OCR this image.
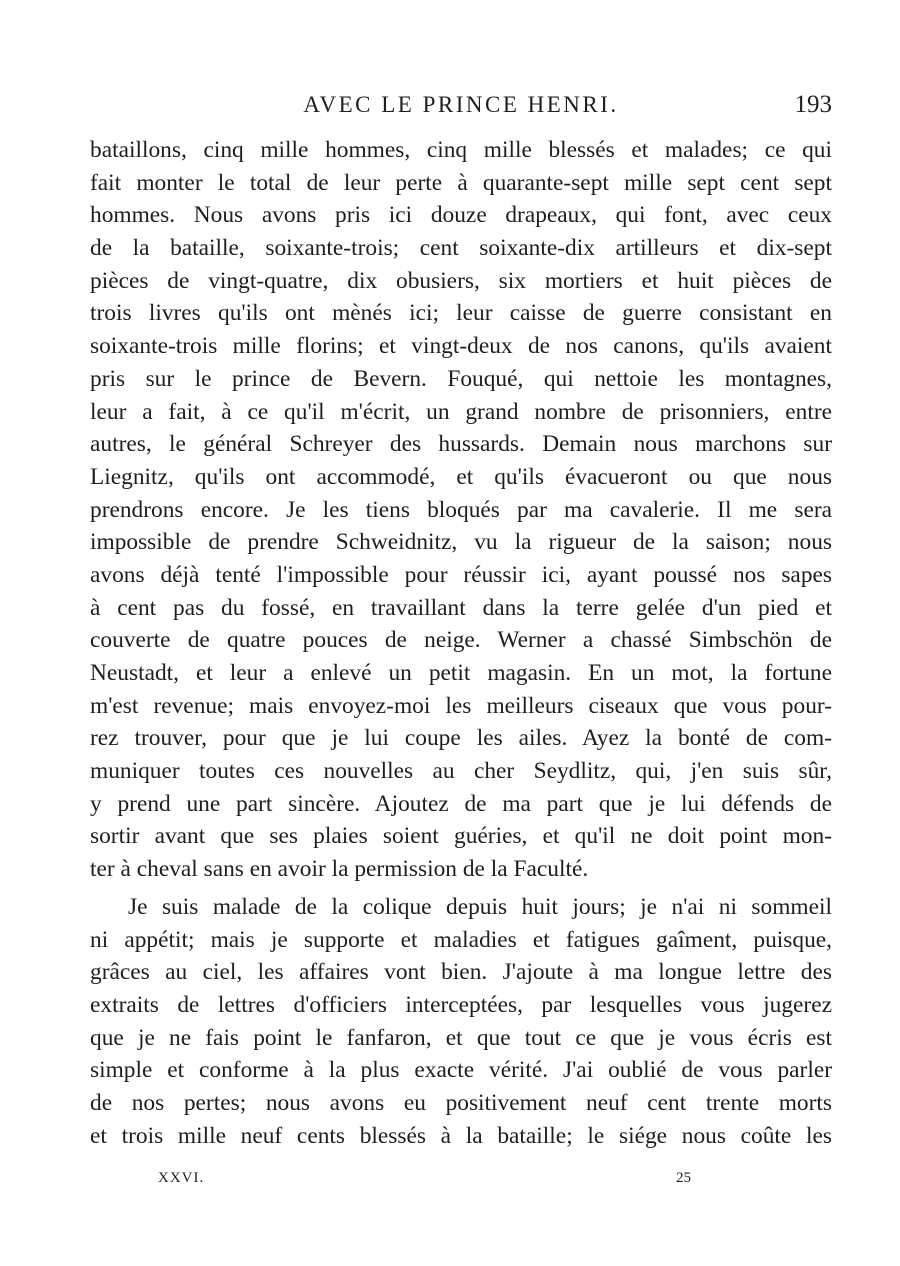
AVEC LE PRINCE HENRI.	193
bataillons, cinq mille hommes, cinq mille blessés et malades; ce qui
fait monter le total de leur perte à quarante-sept mille sept cent sept
hommes. Nous avons pris ici douze drapeaux, qui font, avec ceux
de la bataille, soixante-trois; cent soixante-dix artilleurs et dix-sept
pièces de vingt-quatre, dix obusiers, six mortiers et huit pièces de
trois livres qu'ils ont mènés ici; leur caisse de guerre consistant en
soixante-trois mille florins; et vingt-deux de nos canons, qu'ils avaient
pris sur le prince de Bevern. Fouqué, qui nettoie les montagnes,
leur a fait, à ce qu'il m'écrit, un grand nombre de prisonniers, entre
autres, le général Schreyer des hussards. Demain nous marchons sur
Liegnitz, qu'ils ont accommodé, et qu'ils évacueront ou que nous
prendrons encore. Je les tiens bloqués par ma cavalerie. Il me sera
impossible de prendre Schweidnitz, vu la rigueur de la saison; nous
avons déjà tenté l'impossible pour réussir ici, ayant poussé nos sapes
à cent pas du fossé, en travaillant dans la terre gelée d'un pied et
couverte de quatre pouces de neige. Werner a chassé Simbschön de
Neustadt, et leur a enlevé un petit magasin. En un mot, la fortune
m'est revenue; mais envoyez-moi les meilleurs ciseaux que vous pour-
rez trouver, pour que je lui coupe les ailes. Ayez la bonté de com-
muniquer toutes ces nouvelles au cher Seydlitz, qui, j'en suis sûr,
y prend une part sincère. Ajoutez de ma part que je lui défends de
sortir avant que ses plaies soient guéries, et qu'il ne doit point mon-
ter à cheval sans en avoir la permission de la Faculté.
Je suis malade de la colique depuis huit jours; je n'ai ni sommeil
ni appétit; mais je supporte et maladies et fatigues gaîment, puisque,
grâces au ciel, les affaires vont bien. J'ajoute à ma longue lettre des
extraits de lettres d'officiers interceptées, par lesquelles vous jugerez
que je ne fais point le fanfaron, et que tout ce que je vous écris est
simple et conforme à la plus exacte vérité. J'ai oublié de vous parler
de nos pertes; nous avons eu positivement neuf cent trente morts
et trois mille neuf cents blessés à la bataille; le siége nous coûte les
XXVI.	25
